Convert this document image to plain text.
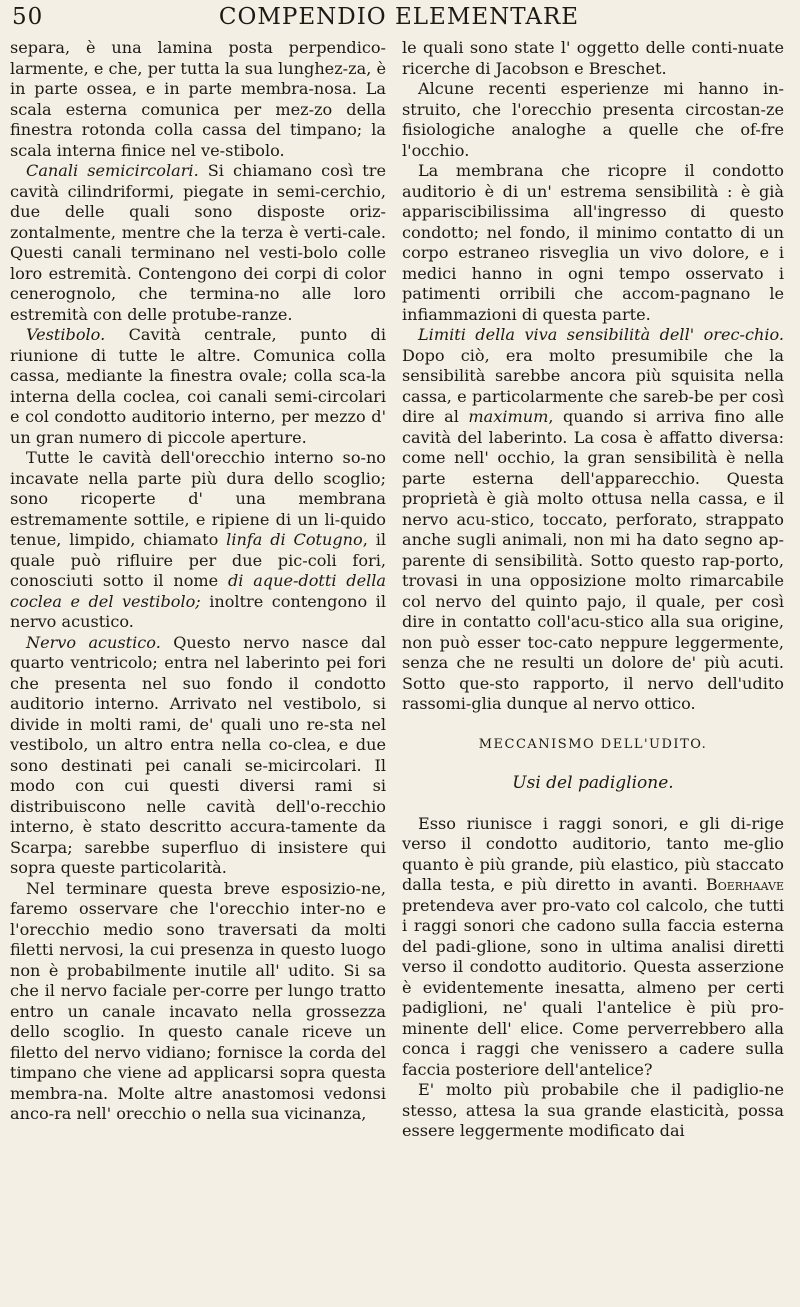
50	COMPENDIO ELEMENTARE

separa, è una lamina posta perpendico-larmente, e che, per tutta la sua lunghez-za, è in parte ossea, e in parte membra-nosa. La scala esterna comunica per mez-zo della finestra rotonda colla cassa del timpano; la scala interna finice nel ve-stibolo.

Canali semicircolari. Si chiamano così tre cavità cilindriformi, piegate in semi-cerchio, due delle quali sono disposte oriz-zontalmente, mentre che la terza è verti-cale. Questi canali terminano nel vesti-bolo colle loro estremità. Contengono dei corpi di color cenerognolo, che termina-no alle loro estremità con delle protube-ranze.

Vestibolo. Cavità centrale, punto di riunione di tutte le altre. Comunica colla cassa, mediante la finestra ovale; colla sca-la interna della coclea, coi canali semi-circolari e col condotto auditorio interno, per mezzo d' un gran numero di piccole aperture.

Tutte le cavità dell'orecchio interno so-no incavate nella parte più dura dello scoglio; sono ricoperte d' una membrana estremamente sottile, e ripiene di un li-quido tenue, limpido, chiamato linfa di Cotugno, il quale può rifluire per due pic-coli fori, conosciuti sotto il nome di aque-dotti della coclea e del vestibolo; inoltre contengono il nervo acustico.

Nervo acustico. Questo nervo nasce dal quarto ventricolo; entra nel laberinto pei fori che presenta nel suo fondo il condotto auditorio interno. Arrivato nel vestibolo, si divide in molti rami, de' quali uno re-sta nel vestibolo, un altro entra nella co-clea, e due sono destinati pei canali se-micircolari. Il modo con cui questi diversi rami si distribuiscono nelle cavità dell'o-recchio interno, è stato descritto accura-tamente da Scarpa; sarebbe superfluo di insistere qui sopra queste particolarità.

Nel terminare questa breve esposizio-ne, faremo osservare che l'orecchio inter-no e l'orecchio medio sono traversati da molti filetti nervosi, la cui presenza in questo luogo non è probabilmente inutile all' udito. Si sa che il nervo faciale per-corre per lungo tratto entro un canale incavato nella grossezza dello scoglio. In questo canale riceve un filetto del nervo vidiano; fornisce la corda del timpano che viene ad applicarsi sopra questa membra-na. Molte altre anastomosi vedonsi anco-ra nell' orecchio o nella sua vicinanza,

le quali sono state l' oggetto delle conti-nuate ricerche di Jacobson e Breschet.

Alcune recenti esperienze mi hanno in-struito, che l'orecchio presenta circostan-ze fisiologiche analoghe a quelle che of-fre l'occhio.

La membrana che ricopre il condotto auditorio è di un' estrema sensibilità : è già appariscibilissima all'ingresso di questo condotto; nel fondo, il minimo contatto di un corpo estraneo risveglia un vivo dolore, e i medici hanno in ogni tempo osservato i patimenti orribili che accom-pagnano le infiammazioni di questa parte.

Limiti della viva sensibilità dell' orec-chio. Dopo ciò, era molto presumibile che la sensibilità sarebbe ancora più squisita nella cassa, e particolarmente che sareb-be per così dire al maximum, quando si arriva fino alle cavità del laberinto. La cosa è affatto diversa: come nell' occhio, la gran sensibilità è nella parte esterna dell'apparecchio. Questa proprietà è già molto ottusa nella cassa, e il nervo acu-stico, toccato, perforato, strappato anche sugli animali, non mi ha dato segno ap-parente di sensibilità. Sotto questo rap-porto, trovasi in una opposizione molto rimarcabile col nervo del quinto pajo, il quale, per così dire in contatto coll'acu-stico alla sua origine, non può esser toc-cato neppure leggermente, senza che ne resulti un dolore de' più acuti. Sotto que-sto rapporto, il nervo dell'udito rassomi-glia dunque al nervo ottico.

MECCANISMO DELL'UDITO.

Usi del padiglione.

Esso riunisce i raggi sonori, e gli di-rige verso il condotto auditorio, tanto me-glio quanto è più grande, più elastico, più staccato dalla testa, e più diretto in avanti. Boerhaave pretendeva aver pro-vato col calcolo, che tutti i raggi sonori che cadono sulla faccia esterna del padi-glione, sono in ultima analisi diretti verso il condotto auditorio. Questa asserzione è evidentemente inesatta, almeno per certi padiglioni, ne' quali l'antelice è più pro-minente dell' elice. Come perverrebbero alla conca i raggi che venissero a cadere sulla faccia posteriore dell'antelice?

E' molto più probabile che il padiglio-ne stesso, attesa la sua grande elasticità, possa essere leggermente modificato dai
